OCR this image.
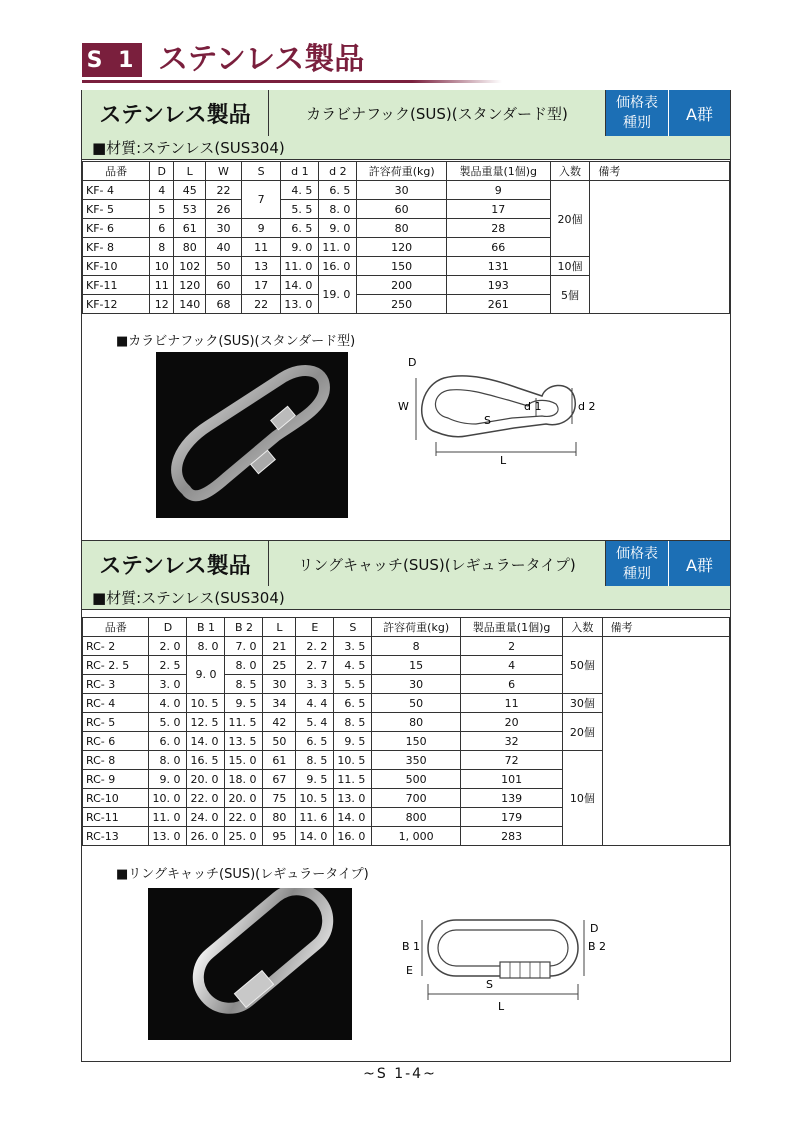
S 1 ステンレス製品
ステンレス製品	カラビナフック(SUS)(スタンダード型)
価格表
種別	A群
■材質:ステンレス(SUS304)
品番	D	L	W	S	d 1	d 2	許容荷重(kg)	製品重量(1個)g	入数	備考
KF- 4	4	45	22	7	4. 5	6. 5	30	9	20個	
KF- 5	5	53	26		5. 5	8. 0	60	17		
KF- 6	6	61	30	9	6. 5	9. 0	80	28		
KF- 8	8	80	40	11	9. 0	11. 0	120	66		
KF-10	10	102	50	13	11. 0	16. 0	150	131	10個	
KF-11	11	120	60	17	14. 0	19. 0	200	193	5個	
KF-12	12	140	68	22	13. 0		250	261		
■カラビナフック(SUS)(スタンダード型)
D
W
S
d 1	d 2
L
ステンレス製品	リングキャッチ(SUS)(レギュラータイプ)
価格表
種別	A群
■材質:ステンレス(SUS304)
品番	D	B 1	B 2	L	E	S	許容荷重(kg)	製品重量(1個)g	入数	備考
RC- 2	2. 0	8. 0	7. 0	21	2. 2	3. 5	8	2	50個	
RC- 2. 5	2. 5	9. 0	8. 0	25	2. 7	4. 5	15	4		
RC- 3	3. 0		8. 5	30	3. 3	5. 5	30	6		
RC- 4	4. 0	10. 5	9. 5	34	4. 4	6. 5	50	11	30個	
RC- 5	5. 0	12. 5	11. 5	42	5. 4	8. 5	80	20	20個	
RC- 6	6. 0	14. 0	13. 5	50	6. 5	9. 5	150	32		
RC- 8	8. 0	16. 5	15. 0	61	8. 5	10. 5	350	72	10個	
RC- 9	9. 0	20. 0	18. 0	67	9. 5	11. 5	500	101		
RC-10	10. 0	22. 0	20. 0	75	10. 5	13. 0	700	139		
RC-11	11. 0	24. 0	22. 0	80	11. 6	14. 0	800	179		
RC-13	13. 0	26. 0	25. 0	95	14. 0	16. 0	1, 000	283		
■リングキャッチ(SUS)(レギュラータイプ)
B 1
E
S
D
B 2
L
~S 1-4~
